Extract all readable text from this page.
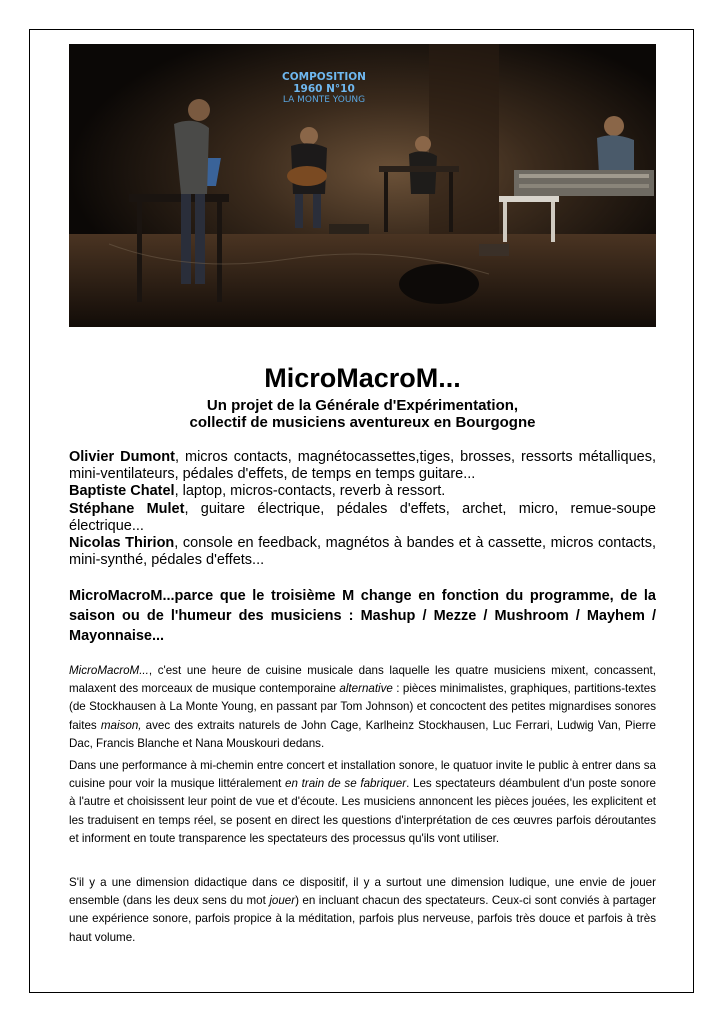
COMPOSITION 1960 N°10
LA MONTE YOUNG
MicroMacroM...
Un projet de la Générale d'Expérimentation,
collectif de musiciens aventureux en Bourgogne

Olivier Dumont, micros contacts, magnétocassettes,tiges, brosses, ressorts métalliques, mini-ventilateurs, pédales d'effets, de temps en temps guitare...

Baptiste Chatel, laptop, micros-contacts, reverb à ressort.

Stéphane Mulet, guitare électrique, pédales d'effets, archet, micro, remue-soupe électrique...

Nicolas Thirion, console en feedback, magnétos à bandes et à cassette, micros contacts, mini-synthé, pédales d'effets...

MicroMacroM...parce que le troisième M change en fonction du programme, de la saison ou de l'humeur des musiciens : Mashup / Mezze / Mushroom / Mayhem / Mayonnaise...

MicroMacroM..., c'est une heure de cuisine musicale dans laquelle les quatre musiciens mixent, concassent, malaxent des morceaux de musique contemporaine alternative : pièces minimalistes, graphiques, partitions-textes (de Stockhausen à La Monte Young, en passant par Tom Johnson) et concoctent des petites mignardises sonores faites maison, avec des extraits naturels de John Cage, Karlheinz Stockhausen, Luc Ferrari, Ludwig Van, Pierre Dac, Francis Blanche et Nana Mouskouri dedans.

Dans une performance à mi-chemin entre concert et installation sonore, le quatuor invite le public à entrer dans sa cuisine pour voir la musique littéralement en train de se fabriquer. Les spectateurs déambulent d'un poste sonore à l'autre et choisissent leur point de vue et d'écoute. Les musiciens annoncent les pièces jouées, les explicitent et les traduisent en temps réel, se posent en direct les questions d'interprétation de ces œuvres parfois déroutantes et informent en toute transparence les spectateurs des processus qu'ils vont utiliser.

S'il y a une dimension didactique dans ce dispositif, il y a surtout une dimension ludique, une envie de jouer ensemble (dans les deux sens du mot jouer) en incluant chacun des spectateurs. Ceux-ci sont conviés à partager une expérience sonore, parfois propice à la méditation, parfois plus nerveuse, parfois très douce et parfois à très haut volume.
